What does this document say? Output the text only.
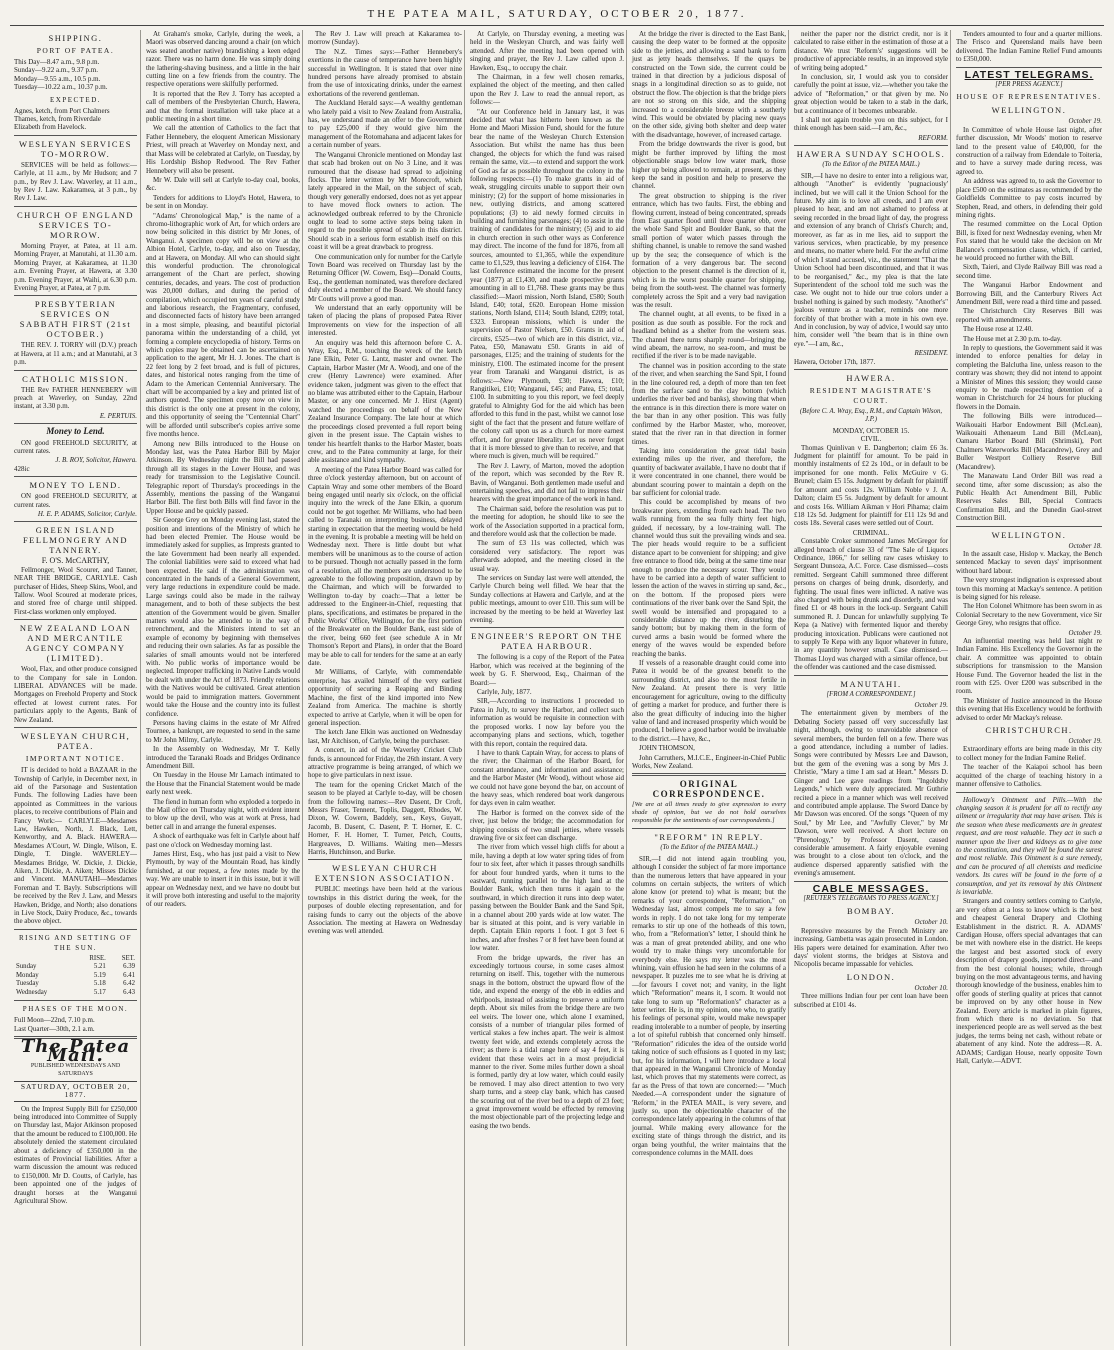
THE PATEA MAIL, SATURDAY, OCTOBER 20, 1877.
SHIPPING.
PORT OF PATEA.
This Day—8.47 a.m., 9.8 p.m.
Sunday—9.22 a.m., 9.37 p.m.
Monday—9.55 a.m., 10.5 p.m.
Tuesday—10.22 a.m., 10.37 p.m.
EXPECTED.
Agnes, ketch, from Port Chalmers
Thames, ketch, from Riverdale
Elizabeth from Havelock.
WESLEYAN SERVICES TO-MORROW.
SERVICES will be held as follows:—Carlyle, at 11 a.m., by Mr Hudson; and 7 p.m., by Rev J. Law. Waverley, at 11 a.m., by Rev J. Law. Kakaramea, at 3 p.m., by Rev J. Law.
CHURCH OF ENGLAND SERVICES TO-MORROW.
Morning Prayer, at Patea, at 11 a.m. Morning Prayer, at Manutahi, at 11.30 a.m. Morning Prayer, at Kakaramea, at 11.30 a.m. Evening Prayer, at Hawera, at 3.30 p.m. Evening Prayer, at Waihi, at 6.30 p.m. Evening Prayer, at Patea, at 7 p.m.
PRESBYTERIAN SERVICES ON SABBATH FIRST (21st OCTOBER.)
THE REV. J. TORRY will (D.V.) preach at Hawera, at 11 a.m.; and at Manutahi, at 3 p.m.
CATHOLIC MISSION.
THE Rev FATHER HENNEBERY will preach at Waverley, on Sunday, 22nd instant, at 3.30 p.m.
E. PERTUIS.
Money to Lend.
ON good FREEHOLD SECURITY, at current rates.
J. B. ROY, Solicitor, Hawera.
428ic
MONEY TO LEND.
ON good FREEHOLD SECURITY, at current rates.
H. E. P. ADAMS, Solicitor, Carlyle.
GREEN ISLAND FELLMONGERY AND TANNERY.
F. O'S. McCARTHY,
Fellmonger, Wool Scourer, and Tanner, NEAR THE BRIDGE, CARLYLE. Cash purchaser of Hides, Sheep Skins, Wool, and Tallow. Wool Scoured at moderate prices, and stored free of charge until shipped. First-class workmen only employed.
NEW ZEALAND LOAN AND MERCANTILE AGENCY COMPANY (LIMITED).
Wool, Flax, and other produce consigned to the Company for sale in London. LIBERAL ADVANCES will be made. Mortgages on Freehold Property and Stock effected at lowest current rates. For particulars apply to the Agents, Bank of New Zealand.
WESLEYAN CHURCH, PATEA.
IMPORTANT NOTICE.
IT is decided to hold a BAZAAR in the Township of Carlyle, in December next, in aid of the Parsonage and Sustentation Funds. The following Ladies have been appointed as Committees in the various places, to receive contributions of Plain and Fancy Work:— CARLYLE—Mesdames Law, Hawken, North, J. Black, Lett, Kenworthy, and A. Black. HAWERA—Mesdames A'Court, W. Dingle, Wilson, E. Dingle, T. Dingle. WAVERLEY—Mesdames Bridge, W. Dickie, J. Dickie, Aiken, J. Dickie, A. Aiken; Misses Dickie and Vincent. MANUTAHI—Mesdames Foreman and T. Bayly. Subscriptions will be received by the Rev J. Law, and Messrs Hawken, Bridge, and North; also donations in Live Stock, Dairy Produce, &c., towards the above object.
RISING AND SETTING OF THE SUN.
	RISE.	SET.
Sunday	5.21	6.39
Monday	5.19	6.41
Tuesday	5.18	6.42
Wednesday	5.17	6.43
PHASES OF THE MOON.
Full Moon—22nd, 7.10 p.m.
Last Quarter—30th, 2.1 a.m.
The Patea Mail.
PUBLISHED WEDNESDAYS AND SATURDAYS
SATURDAY, OCTOBER 20, 1877.
On the Imprest Supply Bill for £250,000 being introduced into Committee of Supply on Thursday last, Major Atkinson proposed that the amount be reduced to £100,000. He absolutely denied the statement circulated about a deficiency of £350,000 in the estimates of Provincial liabilities. After a warm discussion the amount was reduced to £150,000. Mr D. Coutts, of Carlyle, has been appointed one of the judges of draught horses at the Wanganui Agricultural Show.
At Graham's smoke, Carlyle, during the week, a Maori was observed dancing around a chair (on which was seated another native) brandishing a keen edged razor. There was no harm done. He was simply doing the lathering-shaving business, and a little in the hair cutting line on a few friends from the country. The respective operations were skilfully performed.
It is reported that the Rev J. Torry has accepted a call of members of the Presbyterian Church, Hawera, and that the formal installation will take place at a public meeting in a short time.
We call the attention of Catholics to the fact that Father Hennebery, the eloquent American Missionary Priest, will preach at Waverley on Monday next, and that Mass will be celebrated at Carlyle, on Tuesday, by His Lordship Bishop Redwood. The Rev Father Hennebery will also be present.
Mr W. Dale will sell at Carlyle to-day coal, books, &c.
Tenders for additions to Lloyd's Hotel, Hawera, to be sent in on Monday.
"Adams' Chronological Map," is the name of a chromo-lithographic work of Art, for which orders are now being solicited in this district by Mr Jones, of Wanganui. A specimen copy will be on view at the Albion Hotel, Carlyle, to-day, and also on Tuesday, and at Hawera, on Monday. All who can should sight this wonderful production. The chronological arrangement of the Chart are perfect, showing centuries, decades, and years. The cost of production was 20,000 dollars, and during the period of compilation, which occupied ten years of careful study and laborious research, the Fragmentary, confused, and disconnected facts of history have been arranged in a most simple, pleasing, and beautiful pictorial panorama within the understanding of a child, yet forming a complete encyclopedia of history. Terms on which copies may be obtained can be ascertained on application to the agent, Mr H. J. Jones. The chart is 22 feet long by 2 feet broad, and is full of pictures, dates, and historical notes ranging from the time of Adam to the American Centennial Anniversary. The chart will be accompanied by a key and printed list of authors quoted. The specimen copy now on view in this district is the only one at present in the colony, and this opportunity of seeing the "Centennial Chart" will be afforded until subscriber's copies arrive some five months hence.
Among new Bills introduced to the House on Monday last, was the Patea Harbor Bill by Major Atkinson. By Wednesday night the Bill had passed through all its stages in the Lower House, and was ready for transmission to the Legislative Council. Telegraphic report of Thursday's proceedings in the Assembly, mentions the passing of the Wanganui Harbor Bill. The first both Bills will find favor in the Upper House and be quickly passed.
Sir George Grey on Monday evening last, stated the position and intentions of the Ministry of which he had been elected Premier. The House would be immediately asked for supplies, as Imprests granted to the late Government had been nearly all expended. The colonial liabilities were said to exceed what had been expected. He said if the administration was concentrated in the hands of a General Government, very large reductions in expenditure could be made. Large savings could also be made in the railway management, and to both of these subjects the best attention of the Government would be given. Smaller matters would also be attended to in the way of retrenchment, and the Ministers intend to set an example of economy by beginning with themselves and reducing their own salaries. As far as possible the salaries of small amounts would not be interfered with. No public works of importance would be neglected. Improper trafficking in Native Lands would be dealt with under the Act of 1873. Friendly relations with the Natives would be cultivated. Great attention would be paid to immigration matters. Government would take the House and the country into its fullest confidence.
Persons having claims in the estate of Mr Alfred Tournee, a bankrupt, are requested to send in the same to Mr John Milmy, Carlyle.
In the Assembly on Wednesday, Mr T. Kelly introduced the Taranaki Roads and Bridges Ordinance Amendment Bill.
On Tuesday in the House Mr Larnach intimated to the House that the Financial Statement would be made early next week.
The fiend in human form who exploded a torpedo in the Mail office on Thursday night, with evident intent to blow up the devil, who was at work at Press, had better call in and arrange the funeral expenses.
A shock of earthquake was felt in Carlyle about half past one o'clock on Wednesday morning last.
James Hirst, Esq., who has just paid a visit to New Plymouth, by way of the Mountain Road, has kindly furnished, at our request, a few notes made by the way. We are unable to insert it in this issue, but it will appear on Wednesday next, and we have no doubt but it will prove both interesting and useful to the majority of our readers.
The Rev J. Law will preach at Kakaramea to-morrow (Sunday).
The N.Z. Times says:—Father Hennebery's exertions in the cause of temperance have been highly successful in Wellington. It is stated that over nine hundred persons have already promised to abstain from the use of intoxicating drinks, under the earnest exhortations of the reverend gentleman.
The Auckland Herald says:—A wealthy gentleman who lately paid a visit to New Zealand from Australia, has, we understand made an offer to the Government to pay £25,000 if they would give him the management of the Rotomahana and adjacent lakes for a certain number of years.
The Wanganui Chronicle mentioned on Monday last that scab had broken out on No 3 Line, and it was rumoured that the disease had spread to adjoining flocks. The letter written by Mr Morecroft, which lately appeared in the Mail, on the subject of scab, though very generally endorsed, does not as yet appear to have moved flock owners to action. The acknowledged outbreak referred to by the Chronicle ought to lead to some active steps being taken in regard to the possible spread of scab in this district. Should scab in a serious form establish itself on this coast it will be a great drawback to progress.
One communication only for number for the Carlyle Town Board was received on Thursday last by the Returning Officer (W. Cowern, Esq)—Donald Coutts, Esq., the gentleman nominated, was therefore declared duly elected a member of the Board. We should fancy Mr Coutts will prove a good man.
We understand that an early opportunity will be taken of placing the plans of proposed Patea River Improvements on view for the inspection of all interested.
An enquiry was held this afternoon before C. A. Wray, Esq., R.M., touching the wreck of the ketch Jane Elkin, Peter G. Lantz, master and owner. The Captain, Harbor Master (Mr A. Wood), and one of the crew (Henry Lawrence) were examined. After evidence taken, judgment was given to the effect that no blame was attributed either to the Captain, Harbour Master, or any one concerned. Mr J. Hirst (Agent) watched the proceedings on behalf of the New Zealand Insurance Company. The late hour at which the proceedings closed prevented a full report being given in the present issue. The Captain wishes to tender his heartfelt thanks to the Harbor Master, boats crew, and to the Patea community at large, for their able assistance and kind sympathy.
A meeting of the Patea Harbor Board was called for three o'clock yesterday afternoon, but on account of Captain Wray and some other members of the Board being engaged until nearly six o'clock, on the official inquiry into the wreck of the Jane Elkin, a quorum could not be got together. Mr Williams, who had been called to Taranaki on interpreting business, delayed starting in expectation that the meeting would be held in the evening. It is probable a meeting will be held on Wednesday next. There is little doubt but what members will be unanimous as to the course of action to be pursued. Though not actually passed in the form of a resolution, all the members are understood to be agreeable to the following proposition, drawn up by the Chairman, and which will be forwarded to Wellington to-day by coach:—That a letter be addressed to the Engineer-in-Chief, requesting that plans, specifications, and estimates be prepared in the Public Works' Office, Wellington, for the first portion of the Breakwater on the Boulder Bank, east side of the river, being 660 feet (see schedule A in Mr Thomson's Report and Plans), in order that the Board may be able to call for tenders for the same at an early date.
Mr Williams, of Carlyle, with commendable enterprise, has availed himself of the very earliest opportunity of securing a Reaping and Binding Machine, the first of the kind imported into New Zealand from America. The machine is shortly expected to arrive at Carlyle, when it will be open for general inspection.
The ketch Jane Elkin was auctioned on Wednesday last, Mr Aitchison, of Carlyle, being the purchaser.
A concert, in aid of the Waverley Cricket Club funds, is announced for Friday, the 26th instant. A very attractive programme is being arranged, of which we hope to give particulars in next issue.
The team for the opening Cricket Match of the season to be played at Carlyle to-day, will be chosen from the following names:—Rev Dasent, Dr Croft, Messrs Fraser, Tennent, Toplis, Daggett, Rhodes, W. Dixon, W. Cowern, Baddely, sen., Keys, Guyatt, Jacomb, B. Dasent, C. Dasent, P. T. Horner, E. C. Horner, F. H. Horner, T. Turner, Petch, Coutts, Hargreaves, D. Williams. Waiting men—Messrs Harris, Hutchinson, and Burke.
WESLEYAN CHURCH EXTENSION ASSOCIATION.
PUBLIC meetings have been held at the various townships in this district during the week, for the purposes of double electing representation, and for raising funds to carry out the objects of the above Association. The meeting at Hawera on Wednesday evening was well attended.
At Carlyle, on Thursday evening, a meeting was held in the Wesleyan Church, and was fairly well attended. After the meeting had been opened with singing and prayer, the Rev J. Law called upon J. Hawken, Esq., to occupy the chair.
The Chairman, in a few well chosen remarks, explained the object of the meeting, and then called upon the Rev J. Law to read the annual report, as follows:—
"At our Conference held in January last, it was decided that what has hitherto been known as the Home and Maori Mission Fund, should for the future bear the name of the Wesleyan Church Extension Association. But whilst the name has thus been changed, the objects for which the fund was raised remain the same, viz.—to extend and support the work of God as far as possible throughout the colony in the following respects:—(1) To make grants in aid of weak, struggling circuits unable to support their own ministry; (2) for the support of home missionaries in new, outlying districts, and among scattered populations; (3) to aid newly formed circuits in building and furnishing parsonages; (4) to assist in the training of candidates for the ministry; (5) and to aid in church erection in such other ways as Conference may direct. The income of the fund for 1876, from all sources, amounted to £1,365, while the expenditure came to £1,529, thus leaving a deficiency of £164. The last Conference estimated the income for the present year (1877) at £1,430, and made prospective grants amounting in all to £1,768. These grants may be thus classified:—Maori mission, North Island, £580; South Island, £40; total, £620. European Home mission stations, North Island, £114; South Island, £209; total, £323. European missions, which is under the supervision of Pastor Nielsen, £50. Grants in aid of circuits, £525—two of which are in this district, viz., Patea, £50, Manawatu £50. Grants in aid of parsonages, £125; and the training of students for the ministry, £100. The estimated income for the present year from Taranaki and Wanganui district, is as follows:—New Plymouth, £30; Hawera, £10; Rangitikei, £10; Wanganui, £45; and Patea, £5; total, £100. In submitting to you this report, we feel deeply grateful to Almighty God for the aid which has been afforded to this fund in the past, whilst we cannot lose sight of the fact that the present and future welfare of the colony call upon us as a church for more earnest effort, and for greater liberality. Let us never forget that it is more blessed to give than to receive, and that where much is given, much will be required."
The Rev J. Lawry, of Marton, moved the adoption of the report, which was seconded by the Rev R. Bavin, of Wanganui. Both gentlemen made useful and entertaining speeches, and did not fail to impress their hearers with the great importance of the work in hand.
The Chairman said, before the resolution was put to the meeting for adoption, he should like to see the work of the Association supported in a practical form, and therefore would ask that the collection be made.
The sum of £3 11s was collected, which was considered very satisfactory. The report was afterwards adopted, and the meeting closed in the usual way.
The services on Sunday last were well attended, the Carlyle Church being well filled. We hear that the Sunday collections at Hawera and Carlyle, and at the public meetings, amount to over £10. This sum will be increased by the meeting to be held at Waverley last evening.
ENGINEER'S REPORT ON THE PATEA HARBOUR.
The following is a copy of the Report of the Patea Harbor, which was received at the beginning of the week by G. F. Sherwood, Esq., Chairman of the Board:—
Carlyle, July, 1877.
SIR,—According to instructions I proceeded to Patea in July, to survey the Harbor, and collect such information as would be requisite in connection with the proposed works. I now lay before you the accompanying plans and sections, which, together with this report, contain the required data.
I have to thank Captain Wray, for access to plans of the river; the Chairman of the Harbor Board, for constant attendance, and information and assistance; and the Harbor Master (Mr Wood), without whose aid we could not have gone beyond the bar, on account of the heavy seas, which rendered boat work dangerous for days even in calm weather.
The Harbor is formed on the convex side of the river, just below the bridge; the accommodation for shipping consists of two small jetties, where vessels drawing five or six feet can discharge.
The river from which vessel high cliffs for about a mile, having a depth at low water spring tides of from four to six feet, after which it passes through sandhills for about four hundred yards, when it turns to the eastward, running parallel to the high land at the Boulder Bank, which then turns it again to the southward, in which direction it runs into deep water, passing between the Boulder Bank and the Sand Spit, in a channel about 200 yards wide at low water. The bar is situated at this point, and is very variable in depth. Captain Elkin reports 1 foot. I got 3 feet 6 inches, and after freshes 7 or 8 feet have been found at low water.
From the bridge upwards, the river has an exceedingly tortuous course, in some cases almost returning on itself. This, together with the numerous snags in the bottom, obstruct the upward flow of the tide, and expend the energy of the ebb in eddies and whirlpools, instead of assisting to preserve a uniform depth. About six miles from the bridge there are two eel weirs. The lower one, which alone I examined, consists of a number of triangular piles formed of vertical stakes a few inches apart. The weir is almost twenty feet wide, and extends completely across the river; as there is a tidal range here of say 4 feet, it is evident that these weirs act in a most prejudicial manner to the river. Some miles further down a shoal is formed, partly dry at low water, which could easily be removed. I may also direct attention to two very sharp turns, and a steep clay bank, which has caused the scouring out of the river bed to a depth of 23 feet; a great improvement would be effected by removing the most objectionable part of the projecting ledge and easing the two bends.
At the bridge the river is directed to the East Bank, causing the deep water to be formed at the opposite side to the jetties, and allowing a sand bank to form just as jetty heads themselves. If the quays be constructed on the Town side, the current could be trained in that direction by a judicious disposal of snags in a longitudinal direction so as to guide, not obstruct the flow. The objection is that the bridge piers are not so strong on this side, and the shipping increased to a considerable breeze with a southerly wind. This would be obviated by placing new quays on the other side, giving both shelter and deep water with the disadvantage, however, of increased cartage.
From the bridge downwards the river is good, but might be further improved by lifting the most objectionable snags below low water mark, those higher up being allowed to remain, at present, as they keep the sand in position and help to preserve the channel.
The great obstruction to shipping is the river entrance, which has two faults. First, the ebbing and flowing current, instead of being concentrated, spreads from East quarter flood until three quarter ebb, over the whole Sand Spit and Boulder Bank, so that the small portion of water which passes through the shifting channel, is unable to remove the sand washed up by the sea; the consequence of which is the formation of a very dangerous bar. The second objection to the present channel is the direction of it, which is in the worst possible quarter for shipping, being from the south-west. The channel was formerly completely across the Spit and a very bad navigation was the result.
The channel ought, at all events, to be fixed in a position as due south as possible. For the rock and headland behind as a shelter from the western seas. The channel there turns sharply round—bringing the wind abeam, the narrow, no sea-room, and must be rectified if the river is to be made navigable.
The channel was in position according to the state of the river, and when searching the Sand Spit, I found in the line coloured red, a depth of more than ten feet from the surface sand to the clay bottom (which underlies the river bed and banks), showing that when the entrance is in this direction there is more water on the bar than in any other position. This was fully confirmed by the Harbor Master, who, moreover, stated that the river ran in that direction in former times.
Taking into consideration the great tidal basin extending miles up the river, and therefore, the quantity of backwater available, I have no doubt that if it were concentrated in one channel, there would be abundant scouring power to maintain a depth on the bar sufficient for colonial trade.
This could be accomplished by means of two breakwater piers, extending from each head. The two walls running from the sea fully thirty feet high, guided, if necessary, by a low-training wall. The channel would thus suit the prevailing winds and sea. The pier heads would require to be a sufficient distance apart to be convenient for shipping; and give free entrance to flood tide, being at the same time near enough to produce the necessary scour. They would have to be carried into a depth of water sufficient to lessen the action of the waves in stirring up sand, &c., on the bottom. If the proposed piers were continuations of the river bank over the Sand Spit, the swell would be intensified and propagated to a considerable distance up the river, disturbing the sandy bottom; but by making them in the form of curved arms a basin would be formed where the energy of the waves would be expended before reaching the banks.
If vessels of a reasonable draught could come into Patea it would be of the greatest benefit to the surrounding district, and also to the most fertile in New Zealand. At present there is very little encouragement for agriculture, owing to the difficulty of getting a market for produce, and further there is also the great difficulty of inducing into the higher value of land and increased prosperity which would be produced, I believe a good harbor would be invaluable to the district.—I have, &c.,
JOHN THOMSON,
John Carruthers, M.I.C.E., Engineer-in-Chief Public Works, New Zealand.
ORIGINAL CORRESPONDENCE.
[We are at all times ready to give expression to every shade of opinion, but we do not hold ourselves responsible for the sentiments of our correspondents.]
"REFORM" IN REPLY.
(To the Editor of the PATEA MAIL.)
SIR,—I did not intend again troubling you, although I consider the subject of far more importance than the numerous letters that have appeared in your columns on certain subjects, the writers of which alone know (or pretend to) what is meant; but the remarks of your correspondent, "Reformation," on Wednesday last, almost compels me to say a few words in reply. I do not take long for my temperate remarks to stir up one of the hotheads of this town, who, from a "Reformation's" letter, I should think he was a man of great pretended ability, and one who would try to make things very uncomfortable for everybody else. He says my letter was the most whining, vain effusion he had seen in the columns of a newspaper. It puzzles me to see what he is driving at—for favours I covet not; and vanity, in the light which "Reformation" means it, I scorn. It would not take long to sum up "Reformation's" character as a letter writer. He is, in my opinion, one who, to gratify his feelings of personal spite, would make newspaper reading intolerable to a number of people, by inserting a lot of spiteful rubbish that concerned only himself. "Reformation" ridicules the idea of the outside world taking notice of such effusions as I quoted in my last; but, for his information, I will here introduce a local that appeared in the Wanganui Chronicle of Monday last, which proves that my statements were correct, as far as the Press of that town are concerned:— "Much Needed.—A correspondent under the signature of 'Reform,' in the PATEA MAIL, is very severe, and justly so, upon the objectionable character of the correspondence lately appearing in the columns of that journal. While making every allowance for the exciting state of things through the district, and its organ being youthful, the writer maintains that the correspondence columns in the MAIL does
neither the paper nor the district credit, nor is it calculated to raise either in the estimation of those at a distance. We trust 'Reform's' suggestions will be productive of appreciable results, in an improved style of writing being adopted."
In conclusion, sir, I would ask you to consider carefully the point at issue, viz.—whether you take the advice of "Reformation," or that given by me. No great objection would be taken to a stab in the dark, but a continuance of it becomes unbearable.
I shall not again trouble you on this subject, for I think enough has been said.—I am, &c.,
REFORM.
HAWERA SUNDAY SCHOOLS.
(To the Editor of the PATEA MAIL.)
SIR,—I have no desire to enter into a religious war, although "Another" is evidently 'pugnaciously' inclined, but we will call it the Union School for the future. My aim is to love all creeds, and I am ever pleased to hear, and am not ashamed to profess at seeing recorded in the broad light of day, the progress and extension of any branch of Christ's Church; and, moreover, as far as in me lies, aid to support the various services, when practicable, by my presence and means, no matter where held. For the awful crime of which I stand accused, viz., the statement "That the Union School had been discontinued, and that it was to be reorganised," &c., my plea is that the late Superintendent of the school told me such was the case. We ought not to hide our true colors under a bushel nothing is gained by such modesty. "Another's" jealous venture as a teacher, reminds one more forcibly of that brother with a mote in his own eye. And in conclusion, by way of advice, I would say unto him, consider well "the beam that is in thine own eye."—I am, &c.,
RESIDENT.
Hawera, October 17th, 1877.
HAWERA.
RESIDENT MAGISTRATE'S COURT.
(Before C. A. Wray, Esq., R.M., and Captain Wilson, J.P.)
MONDAY, OCTOBER 15.
CIVIL.
Thomas Quinlivan v E. Dangberton; claim £6 3s. Judgment for plaintiff for amount. To be paid in monthly instalments of £2 2s 10d., or in default to be imprisoned for one month. Felix McGuire v G. Brunel; claim £5 15s. Judgment by default for plaintiff for amount and costs 12s. William Noble v J. A. Dalton; claim £5 5s. Judgment by default for amount and costs 16s. William Aikman v Hori Pihama; claim £18 12s 5d. Judgment for plaintiff for £11 12s 9d and costs 18s. Several cases were settled out of Court.
CRIMINAL.
Constable Croker summoned James McGregor for alleged breach of clause 33 of "The Sale of Liquors Ordinance, 1866," for selling raw cases whiskey to Sergeant Dunsoza, A.C. Force. Case dismissed—costs remitted. Sergeant Cahill summoned three different persons on charges of being drunk, disorderly, and fighting. The usual fines were inflicted. A native was also charged with being drunk and disorderly, and was fined £1 or 48 hours in the lock-up. Sergeant Cahill summoned R. J. Duncan for unlawfully supplying Te Kepa (a Native) with fermented liquor and thereby producing intoxication. Publicans were cautioned not to supply Te Kepa with any liquor whatever in future, in any quantity however small. Case dismissed.—Thomas Lloyd was charged with a similar offence, but the offender was cautioned and the case dismissed.
MANUTAHI.
[FROM A CORRESPONDENT.]
October 19.
The entertainment given by members of the Debating Society passed off very successfully last night, although, owing to unavoidable absence of several members, the burden fell on a few. There was a good attendance, including a number of ladies. Songs were contributed by Messrs Lee and Dawson, but the gem of the evening was a song by Mrs J. Christie, "Mary a time I am sad at Heart." Messrs D. Ginger and Lee gave readings from "Ingoldsby Legends," which were duly appreciated. Mr Guthrie recited a piece in a manner which was well received and contributed ample applause. The Sword Dance by Mr Dawson was encored. Of the songs "Queen of my Soul," by Mr Lee, and "Awfully Clever," by Mr Dawson, were well received. A short lecture on "Phrenology," by Professor Dasent, caused considerable amusement. A fairly enjoyable evening was brought to a close about ten o'clock, and the audience dispersed apparently satisfied with the evening's amusement.
CABLE MESSAGES.
[REUTER'S TELEGRAMS TO PRESS AGENCY.]
BOMBAY.
October 10.
Repressive measures by the French Ministry are increasing. Gambetta was again prosecuted in London. His papers were detained for examination. After two days' violent storms, the bridges at Sistova and Nicopolis became impassable for vehicles.
LONDON.
October 10.
Three millions Indian four per cent loan have been subscribed at £101 4s.
Tenders amounted to four and a quarter millions. The Frisco and Queensland mails have been delivered. The Indian Famine Relief Fund amounts to £350,000.
LATEST TELEGRAMS.
[PER PRESS AGENCY.]
HOUSE OF REPRESENTATIVES.
WELLINGTON.
October 19.
In Committee of whole House last night, after further discussion, Mr Woods' motion to reserve land to the present value of £40,000, for the construction of a railway from Edendale to Toiteria, and to have a survey made during recess, was agreed to.
An address was agreed to, to ask the Governor to place £500 on the estimates as recommended by the Goldfields Committee to pay costs incurred by Stephen, Read, and others, in defending their gold mining rights.
The resumed committee on the Local Option Bill, is fixed for next Wednesday evening, when Mr Fox stated that he would take the decision on Mr Ballance's compensation clause, which, if carried, he would proceed no further with the Bill.
Sixth, Taieri, and Clyde Railway Bill was read a second time.
The Wanganui Harbor Endowment and Borrowing Bill, and the Canterbury Rivers Act Amendment Bill, were read a third time and passed.
The Christchurch City Reserves Bill was reported with amendments.
The House rose at 12.40.
The House met at 2.30 p.m. to-day.
In reply to questions, the Government said it was intended to enforce penalties for delay in completing the Balclutha line, unless reason to the contrary was shown; they did not intend to appoint a Minister of Mines this session; they would cause enquiry to be made respecting detention of a woman in Christchurch for 24 hours for plucking flowers in the Domain.
The following Bills were introduced—Waikouaiti Harbor Endowment Bill (McLean), Waikouaiti Athenaeum Land Bill (McLean), Oamaru Harbor Board Bill (Shrimski), Port Chalmers Waterworks Bill (Macandrew), Grey and Buller Westport Colliery Reserve Bill (Macandrew).
The Manawatu Land Order Bill was read a second time, after some discussion; as also the Public Health Act Amendment Bill, Public Reserves Sales Bill, Special Contracts Confirmation Bill, and the Dunedin Gaol-street Construction Bill.
WELLINGTON.
October 18.
In the assault case, Hislop v. Mackay, the Bench sentenced Mackay to seven days' imprisonment without hard labour.
The very strongest indignation is expressed about town this morning at Mackay's sentence. A petition is being signed for his release.
The Hon Colonel Whitmore has been sworn in as Colonial Secretary to the new Government, vice Sir George Grey, who resigns that office.
October 19.
An influential meeting was held last night re Indian Famine. His Excellency the Governor in the chair. A committee was appointed to obtain subscriptions for transmission to the Mansion House Fund. The Governor headed the list in the room with £25. Over £200 was subscribed in the room.
The Minister of Justice announced in the House this evening that His Excellency would be forthwith advised to order Mr Mackay's release.
CHRISTCHURCH.
October 19.
Extraordinary efforts are being made in this city to collect money for the Indian Famine Relief.
The teacher of the Kaiapoi school has been acquitted of the charge of teaching history in a manner offensive to Catholics.
Holloway's Ointment and Pills.—With the changing season it is prudent for all to rectify any ailment or irregularity that may have arisen. This is the season when these medicaments are in greatest request, and are most valuable. They act in such a manner upon the liver and kidneys as to give tone to the constitution, and they will be found the surest and most reliable. This Ointment is a sure remedy, and can be procured of all chemists and medicine vendors. Its cures will be found in the form of a consumption, and yet its removal by this Ointment is invariable.
Strangers and country settlers coming to Carlyle, are very often at a loss to know which is the best and cheapest General Drapery and Clothing Establishment in the district. R. A. ADAMS' Cardigan House, offers special advantages that can be met with nowhere else in the district. He keeps the largest and best assorted stock of every description of drapery goods, imported direct—and from the best colonial houses; while, through buying on the most advantageous terms, and having thorough knowledge of the business, enables him to offer goods of sterling quality at prices that cannot be improved on by any other house in New Zealand. Every article is marked in plain figures, from which there is no deviation. So that inexperienced people are as well served as the best judges, the terms being net cash, without rebate or abatement of any kind. Note the address—R. A. ADAMS; Cardigan House, nearly opposite Town Hall, Carlyle.—ADVT.
